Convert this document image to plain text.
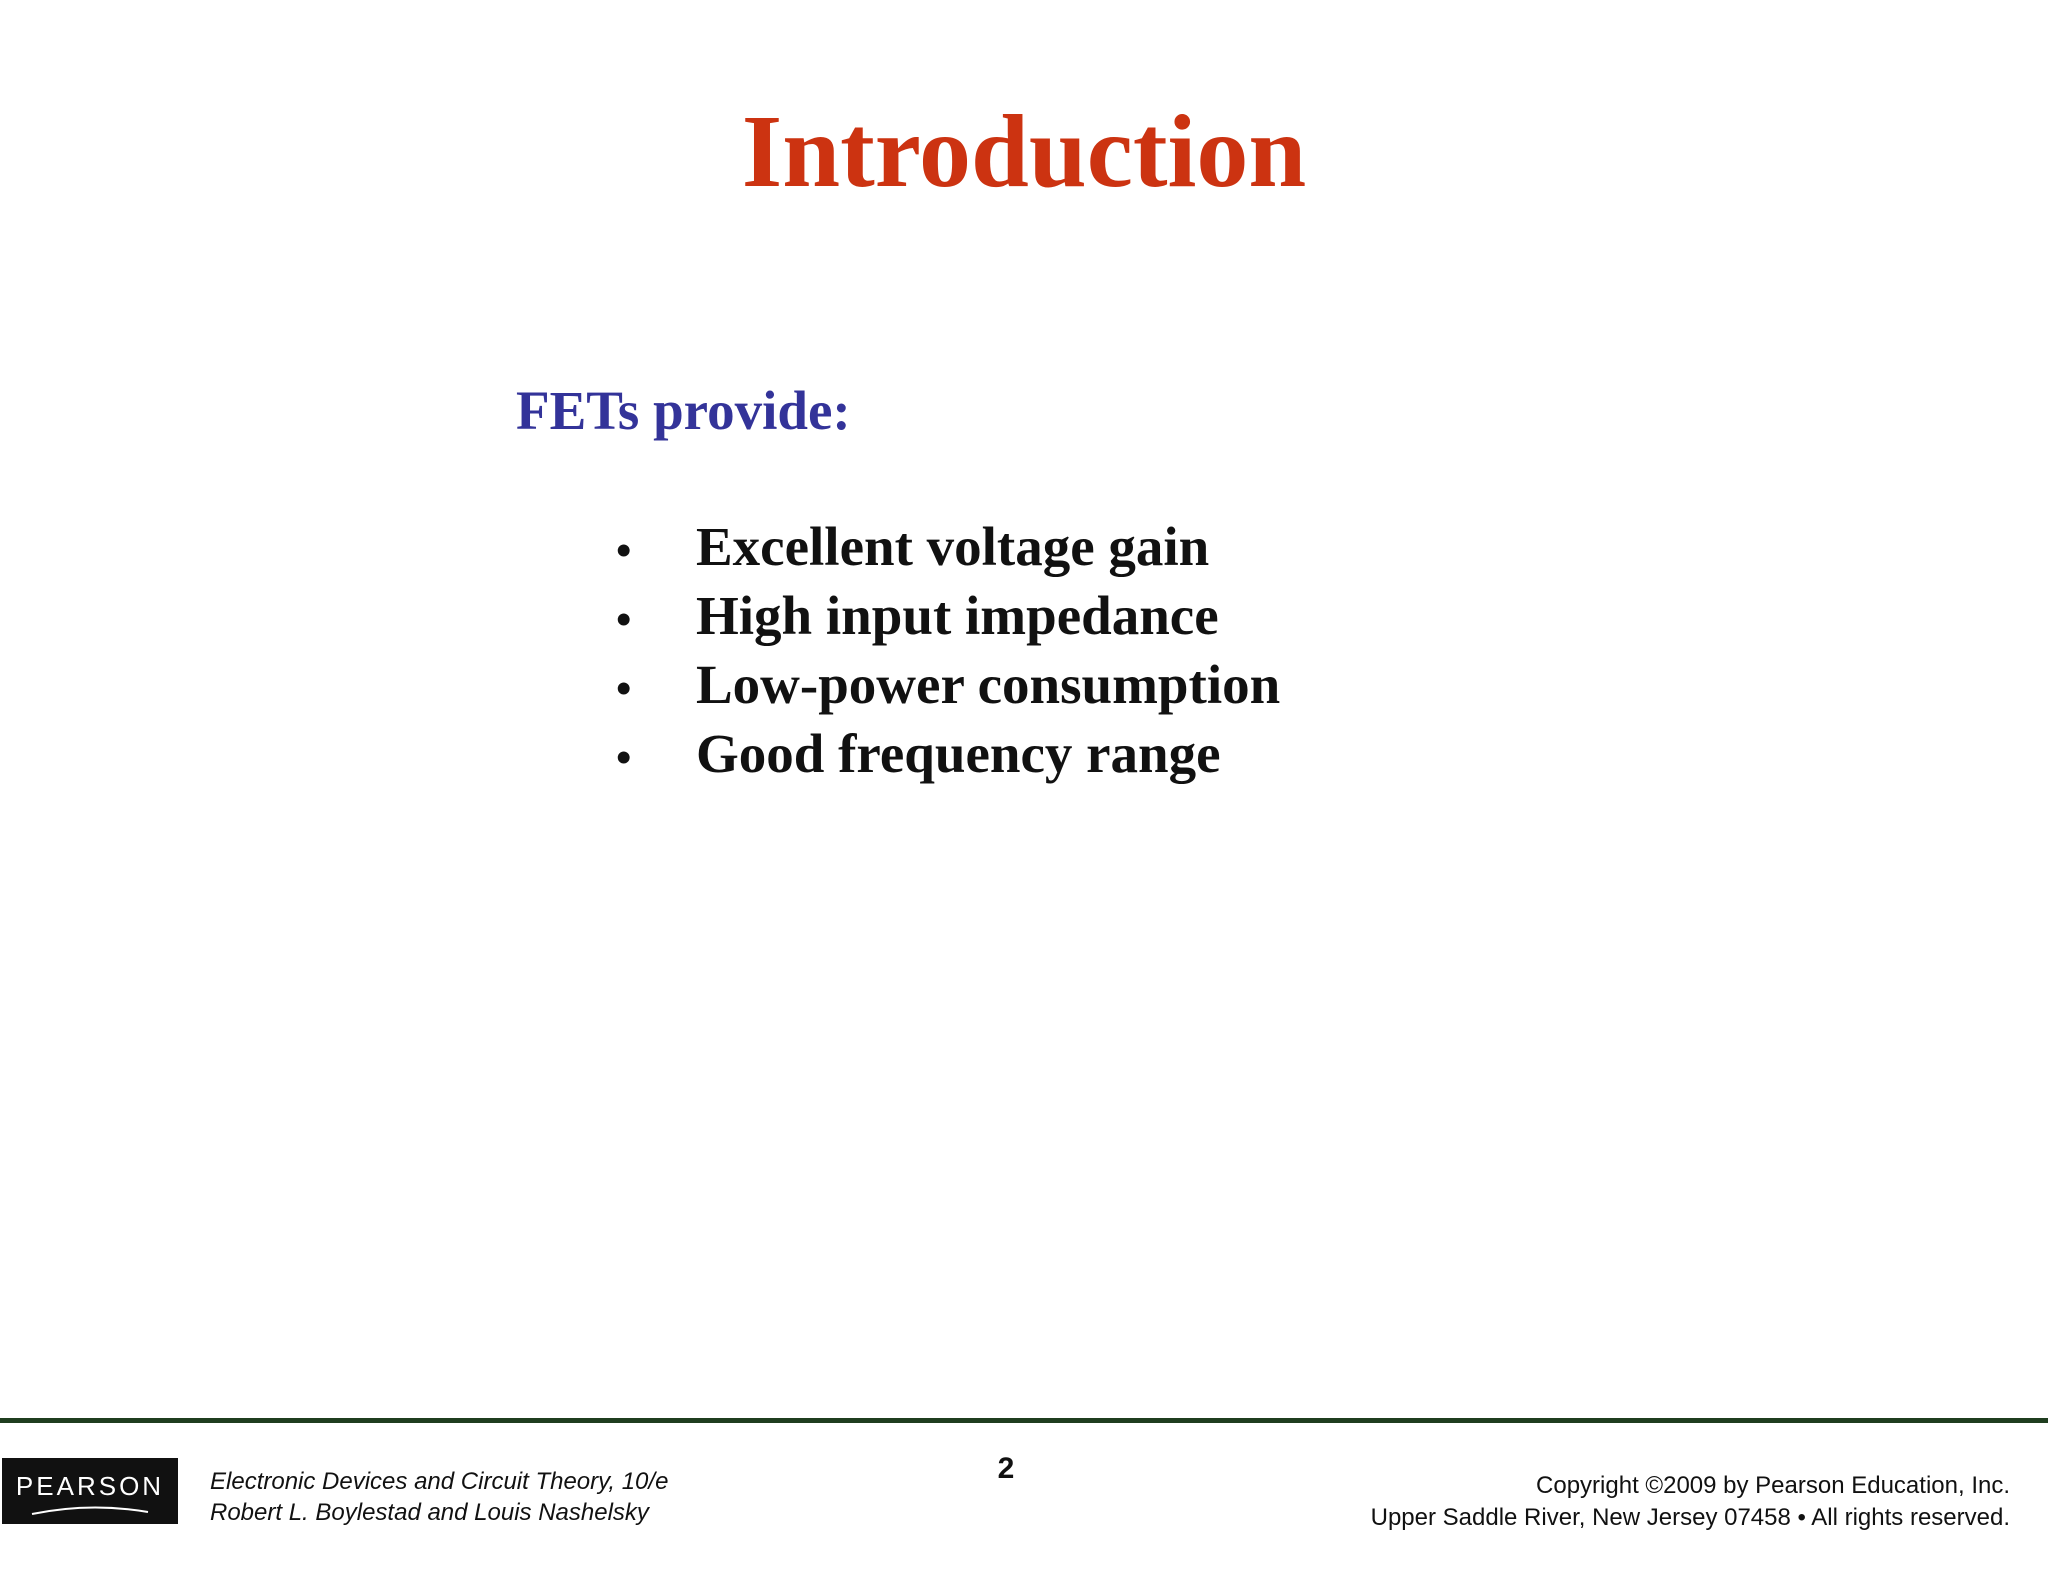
Introduction

FETs provide:

•	Excellent voltage gain
•	High input impedance
•	Low-power consumption
•	Good frequency range
PEARSON Electronic Devices and Circuit Theory, 10/e
Robert L. Boylestad and Louis Nashelsky
2
Copyright ©2009 by Pearson Education, Inc.
Upper Saddle River, New Jersey 07458 • All rights reserved.
